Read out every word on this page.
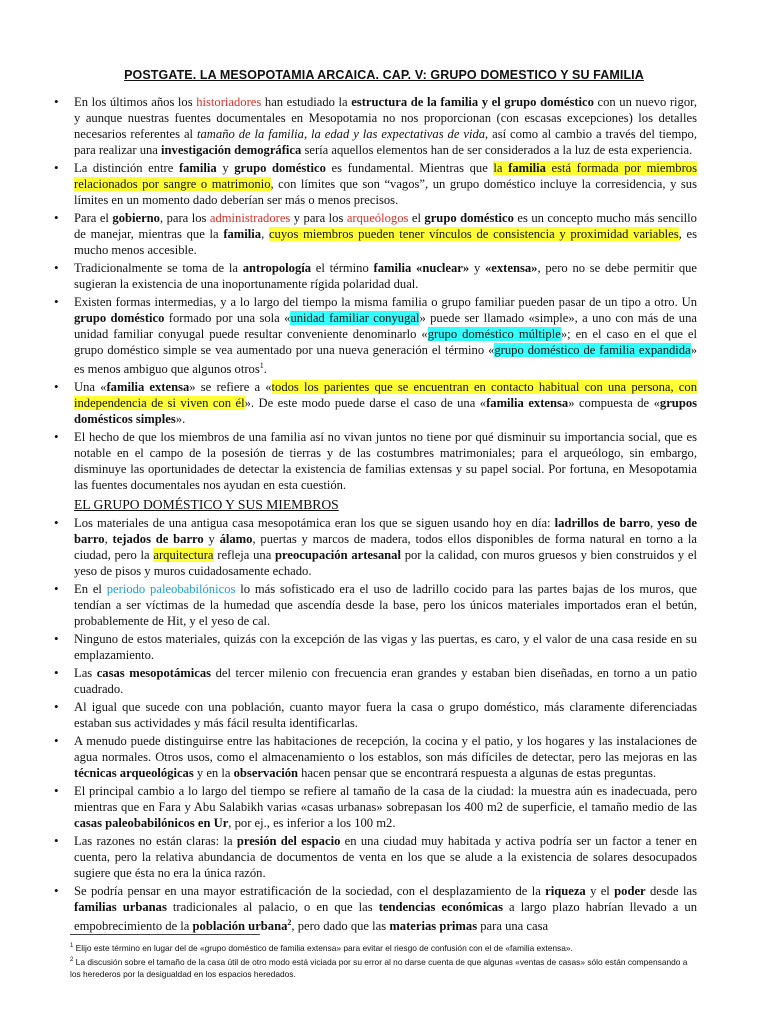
POSTGATE. LA MESOPOTAMIA ARCAICA. CAP. V: GRUPO DOMESTICO Y SU FAMILIA
• En los últimos años los historiadores han estudiado la estructura de la familia y el grupo doméstico con un nuevo rigor, y aunque nuestras fuentes documentales en Mesopotamia no nos proporcionan (con escasas excepciones) los detalles necesarios referentes al tamaño de la familia, la edad y las expectativas de vida, así como al cambio a través del tiempo, para realizar una investigación demográfica sería aquellos elementos han de ser considerados a la luz de esta experiencia.
• La distinción entre familia y grupo doméstico es fundamental. Mientras que la familia está formada por miembros relacionados por sangre o matrimonio, con límites que son “vagos”, un grupo doméstico incluye la corresidencia, y sus límites en un momento dado deberían ser más o menos precisos.
• Para el gobierno, para los administradores y para los arqueólogos el grupo doméstico es un concepto mucho más sencillo de manejar, mientras que la familia, cuyos miembros pueden tener vínculos de consistencia y proximidad variables, es mucho menos accesible.
• Tradicionalmente se toma de la antropología el término familia «nuclear» y «extensa», pero no se debe permitir que sugieran la existencia de una inoportunamente rígida polaridad dual.
• Existen formas intermedias, y a lo largo del tiempo la misma familia o grupo familiar pueden pasar de un tipo a otro. Un grupo doméstico formado por una sola «unidad familiar conyugal» puede ser llamado «simple», a uno con más de una unidad familiar conyugal puede resultar conveniente denominarlo «grupo doméstico múltiple»; en el caso en el que el grupo doméstico simple se vea aumentado por una nueva generación el término «grupo doméstico de familia expandida» es menos ambiguo que algunos otros$^1$.
• Una «familia extensa» se refiere a «todos los parientes que se encuentran en contacto habitual con una persona, con independencia de si viven con él». De este modo puede darse el caso de una «familia extensa» compuesta de «grupos domésticos simples».
• El hecho de que los miembros de una familia así no vivan juntos no tiene por qué disminuir su importancia social, que es notable en el campo de la posesión de tierras y de las costumbres matrimoniales; para el arqueólogo, sin embargo, disminuye las oportunidades de detectar la existencia de familias extensas y su papel social. Por fortuna, en Mesopotamia las fuentes documentales nos ayudan en esta cuestión.
EL GRUPO DOMÉSTICO Y SUS MIEMBROS
• Los materiales de una antigua casa mesopotámica eran los que se siguen usando hoy en día: ladrillos de barro, yeso de barro, tejados de barro y álamo, puertas y marcos de madera, todos ellos disponibles de forma natural en torno a la ciudad, pero la arquitectura refleja una preocupación artesanal por la calidad, con muros gruesos y bien construidos y el yeso de pisos y muros cuidadosamente echado.
• En el periodo paleobabilónicos lo más sofisticado era el uso de ladrillo cocido para las partes bajas de los muros, que tendían a ser víctimas de la humedad que ascendía desde la base, pero los únicos materiales importados eran el betún, probablemente de Hit, y el yeso de cal.
• Ninguno de estos materiales, quizás con la excepción de las vigas y las puertas, es caro, y el valor de una casa reside en su emplazamiento.
• Las casas mesopotámicas del tercer milenio con frecuencia eran grandes y estaban bien diseñadas, en torno a un patio cuadrado.
• Al igual que sucede con una población, cuanto mayor fuera la casa o grupo doméstico, más claramente diferenciadas estaban sus actividades y más fácil resulta identificarlas.
• A menudo puede distinguirse entre las habitaciones de recepción, la cocina y el patio, y los hogares y las instalaciones de agua normales. Otros usos, como el almacenamiento o los establos, son más difíciles de detectar, pero las mejoras en las técnicas arqueológicas y en la observación hacen pensar que se encontrará respuesta a algunas de estas preguntas.
• El principal cambio a lo largo del tiempo se refiere al tamaño de la casa de la ciudad: la muestra aún es inadecuada, pero mientras que en Fara y Abu Salabikh varias «casas urbanas» sobrepasan los 400 m2 de superficie, el tamaño medio de las casas paleobabilónicos en Ur, por ej., es inferior a los 100 m2.
• Las razones no están claras: la presión del espacio en una ciudad muy habitada y activa podría ser un factor a tener en cuenta, pero la relativa abundancia de documentos de venta en los que se alude a la existencia de solares desocupados sugiere que ésta no era la única razón.
• Se podría pensar en una mayor estratificación de la sociedad, con el desplazamiento de la riqueza y el poder desde las familias urbanas tradicionales al palacio, o en que las tendencias económicas a largo plazo habrían llevado a un empobrecimiento de la población urbana$^2$, pero dado que las materias primas para una casa
$^1$ Elijo este término en lugar del de «grupo doméstico de familia extensa» para evitar el riesgo de confusión con el de «familia extensa».
$^2$ La discusión sobre el tamaño de la casa útil de otro modo está viciada por su error al no darse cuenta de que algunas «ventas de casas» sólo están compensando a los herederos por la desigualdad en los espacios heredados.
